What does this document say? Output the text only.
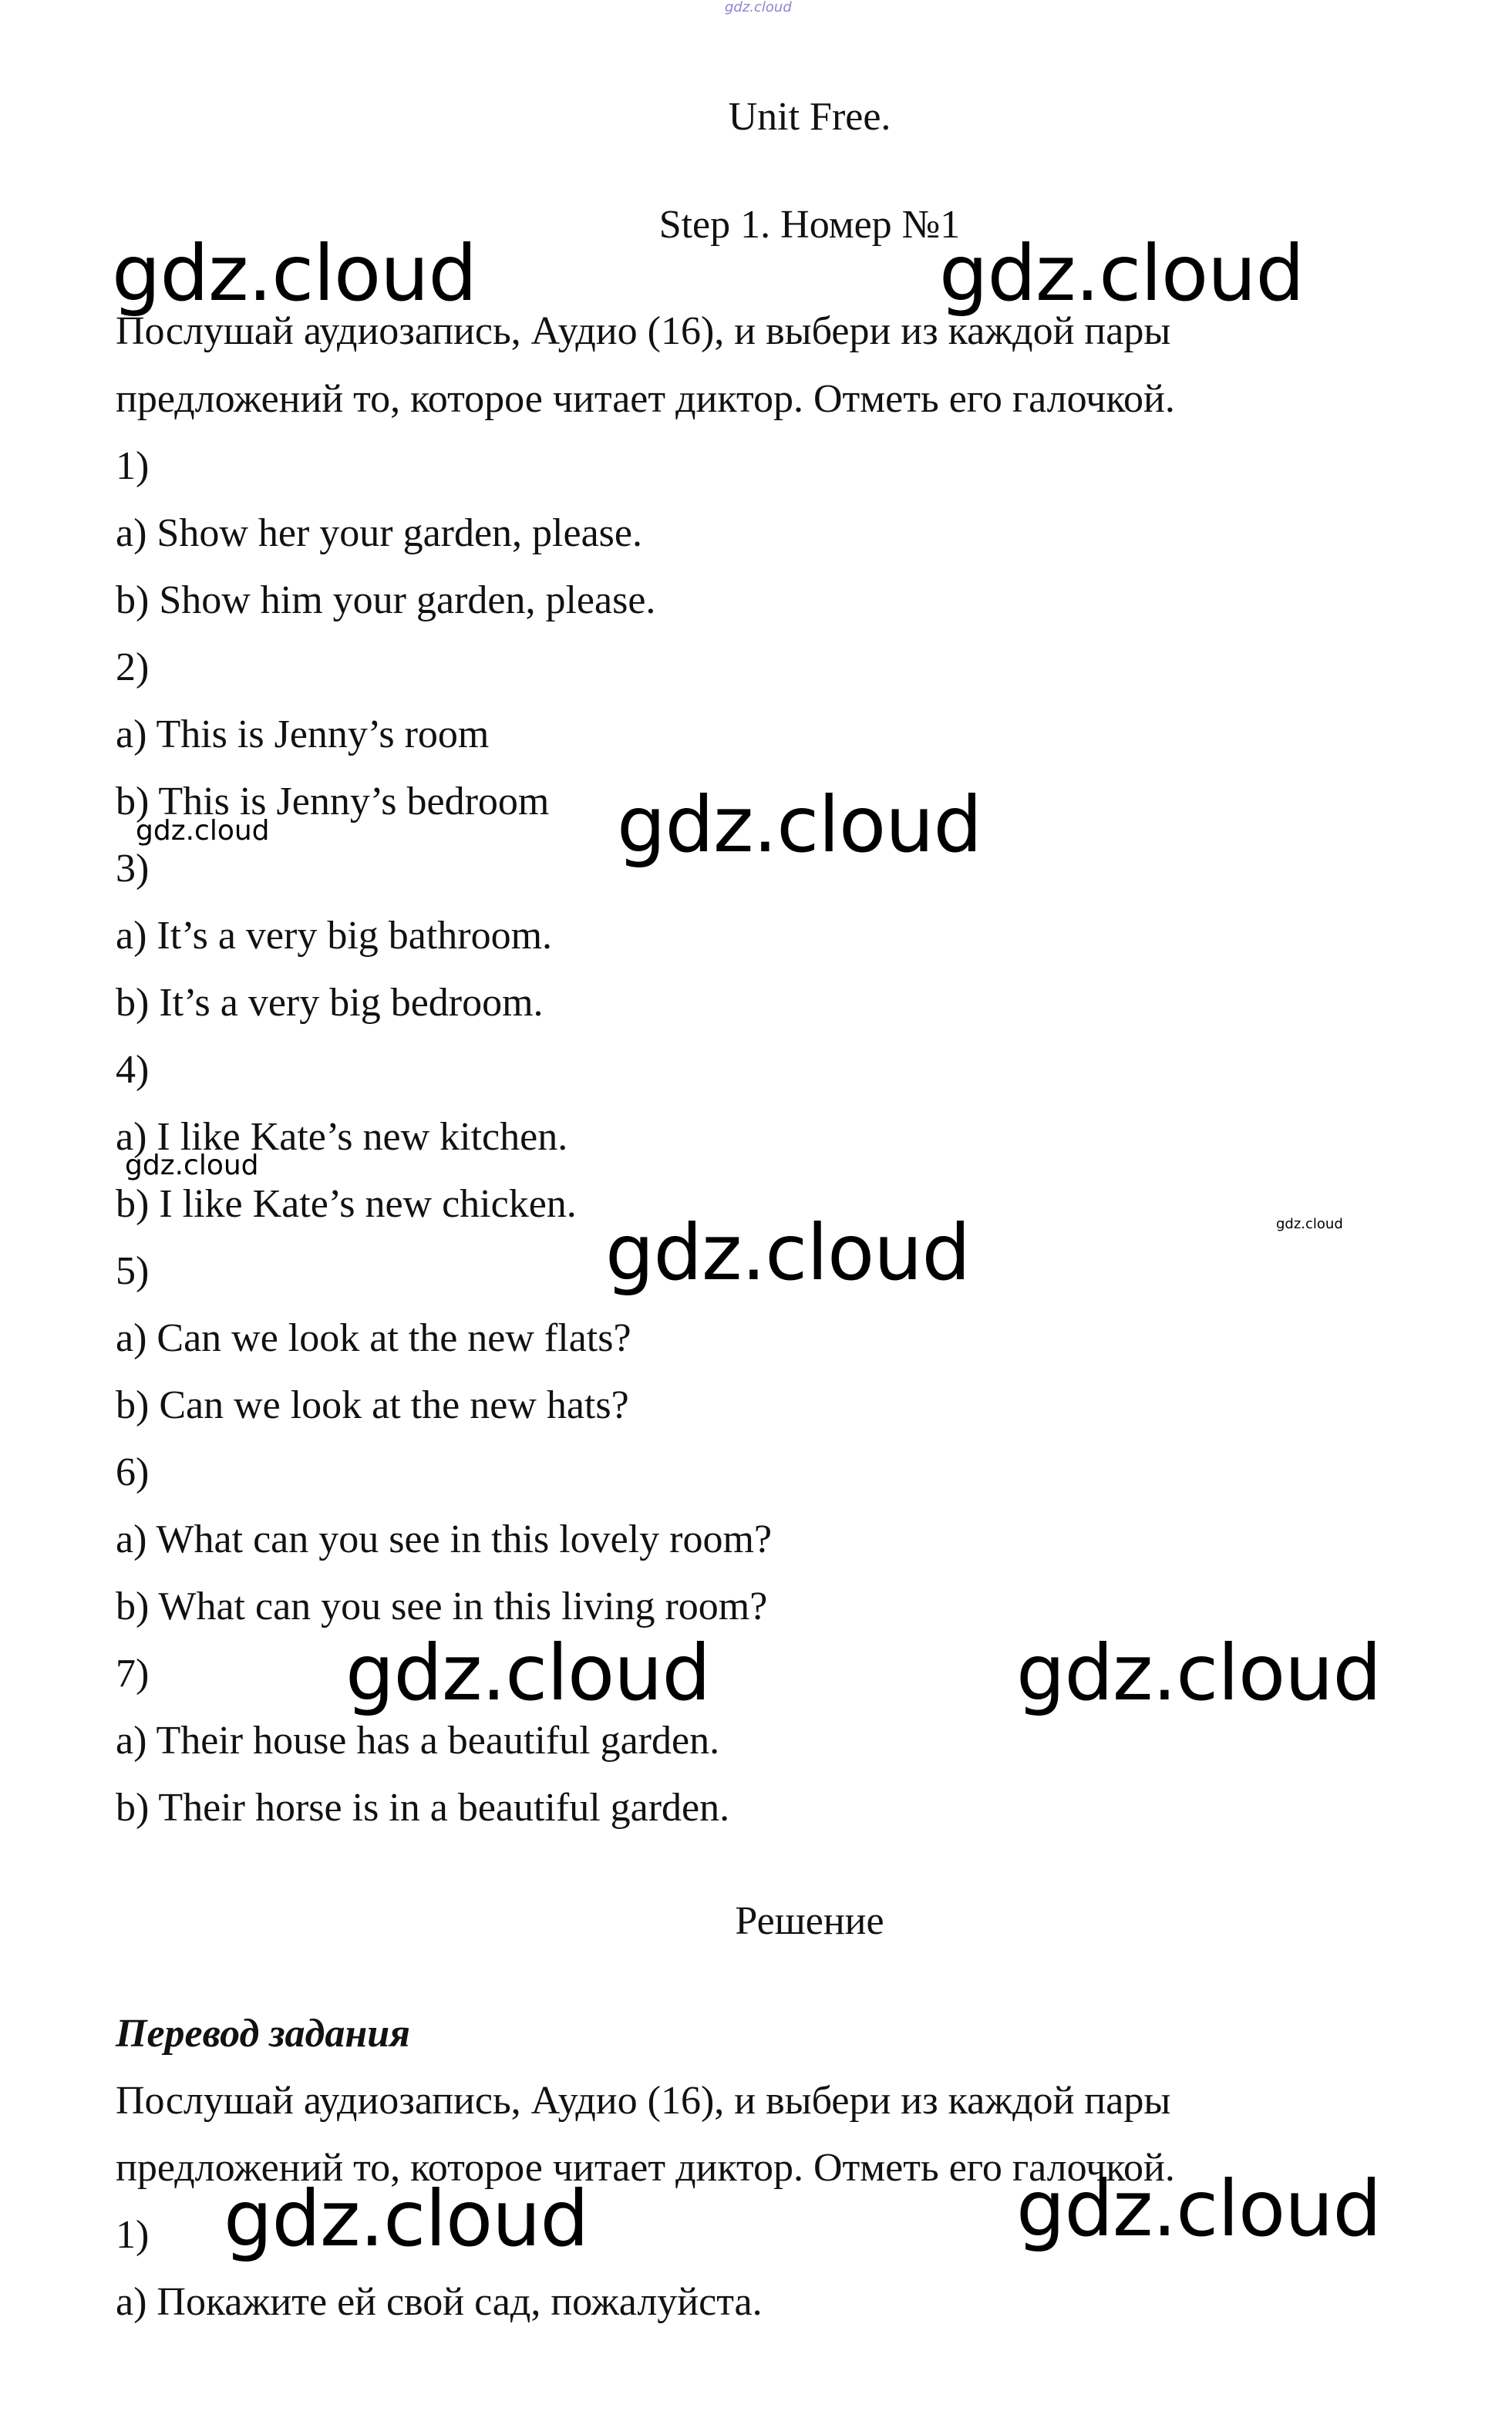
gdz.cloud

Unit Free.

Step 1. Номер №1

Послушай аудиозапись, Аудио (16), и выбери из каждой пары

предложений то, которое читает диктор. Отметь его галочкой.

1)

a) Show her your garden, please.

b) Show him your garden, please.

2)

a) This is Jenny’s room

b) This is Jenny’s bedroom

3)

a) It’s a very big bathroom.

b) It’s a very big bedroom.

4)

a) I like Kate’s new kitchen.

b) I like Kate’s new chicken.

5)

a) Can we look at the new flats?

b) Can we look at the new hats?

6)

a) What can you see in this lovely room?

b) What can you see in this living room?

7)

a) Their house has a beautiful garden.

b) Their horse is in a beautiful garden.

Решение

Перевод задания

Послушай аудиозапись, Аудио (16), и выбери из каждой пары

предложений то, которое читает диктор. Отметь его галочкой.

1)

а) Покажите ей свой сад, пожалуйста.

gdz.cloud	gdz.cloud
gdz.cloud
gdz.cloud
gdz.cloud	gdz.cloud
gdz.cloud	gdz.cloud
gdz.cloud
gdz.cloud
gdz.cloud
